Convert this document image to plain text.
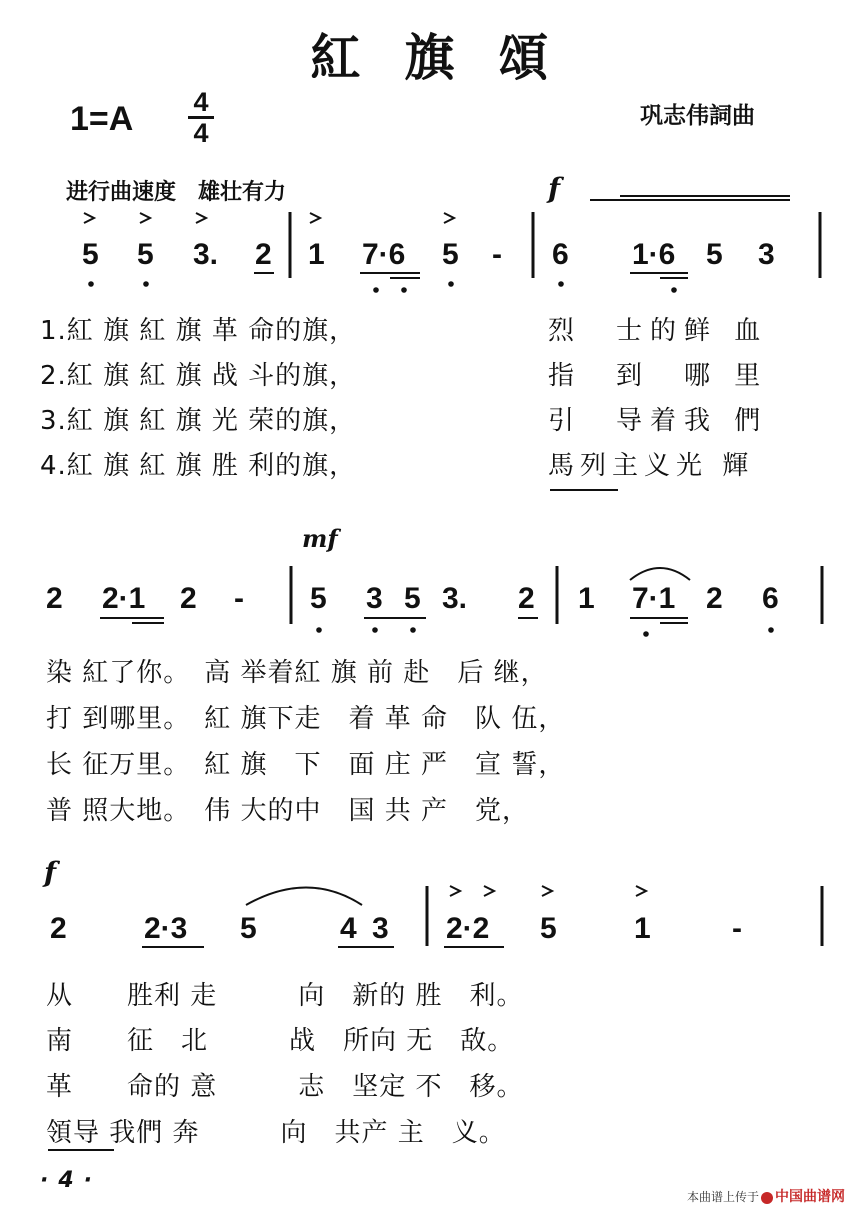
紅旗頌
1=A 4
4
巩志伟詞曲
进行曲速度　雄壮有力	f
mf
f
5 5 3. 2 1 7·6 5 - 6 1·6 5 3
1.紅 旗 紅 旗 革 命的旗，	烈　士的鲜 血
2.紅 旗 紅 旗 战 斗的旗，	指　到　哪 里
3.紅 旗 紅 旗 光 荣的旗，	引　导着我 們
4.紅 旗 紅 旗 胜 利的旗，	馬列主义光 輝
2 2·1 2 - 5 3 5 3. 2 1 7·1 2 6
染 紅了你。　高 举着紅 旗 前 赴　后 继，
打 到哪里。　紅 旗下走　着 革 命　队 伍，
长 征万里。　紅 旗　下　面 庄 严　宣 誓，
普 照大地。　伟 大的中　国 共 产　党，
2	2·3 5	4 3 2·2 5	1	-
从　　胜利 走　　　向　新的 胜　利。
南　　征　北　　　战　所向 无　敌。
革　　命的 意　　　志　坚定 不　移。
領导 我們 奔　　　向　共产 主　义。
·4·
本曲谱上传于 中国曲谱网
